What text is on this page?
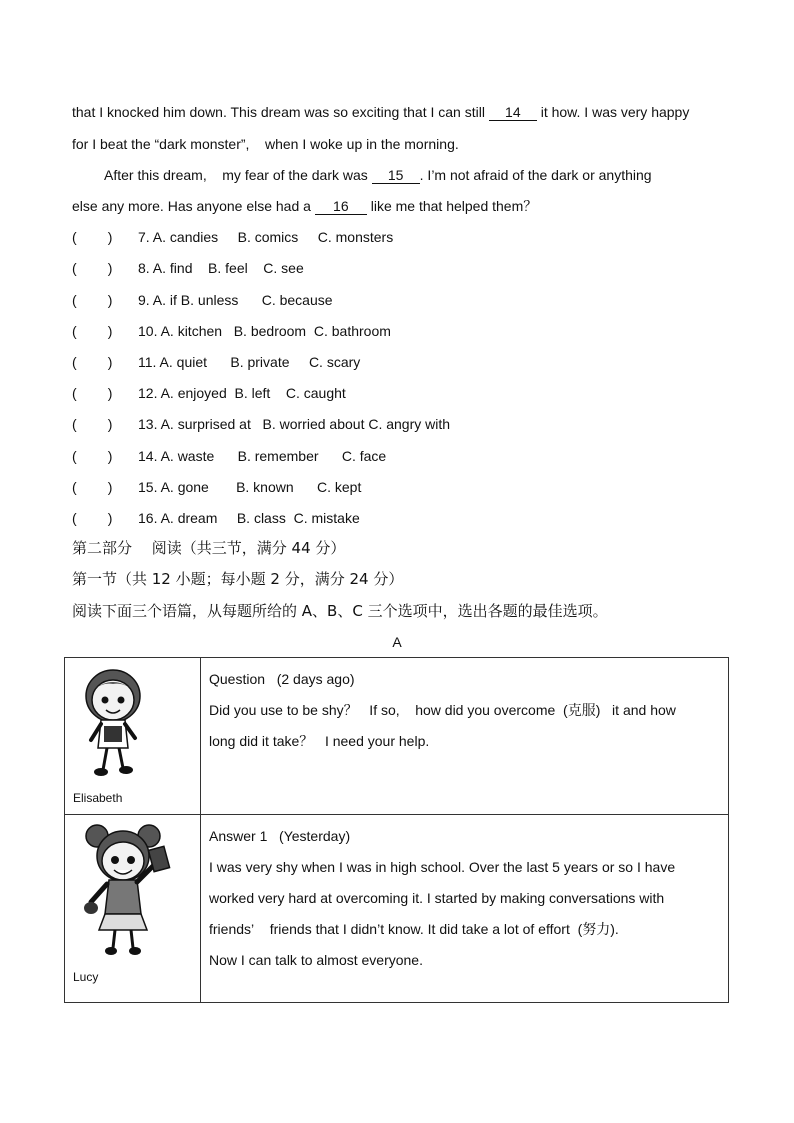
that I knocked him down. This dream was so exciting that I can still 14 it how. I was very happy
for I beat the “dark monster”,    when I woke up in the morning.
After this dream,    my fear of the dark was 15 . I’m not afraid of the dark or anything
else any more. Has anyone else had a 16 like me that helped them？
(        ) 7. A. candies     B. comics     C. monsters
(        ) 8. A. find    B. feel    C. see
(        ) 9. A. if B. unless      C. because
(        ) 10. A. kitchen   B. bedroom  C. bathroom
(        ) 11. A. quiet      B. private     C. scary
(        ) 12. A. enjoyed  B. left    C. caught
(        ) 13. A. surprised at   B. worried about C. angry with
(        ) 14. A. waste      B. remember      C. face
(        ) 15. A. gone       B. known      C. kept
(        ) 16. A. dream     B. class  C. mistake
第二部分　 阅读（共三节，满分 44 分）
第一节（共 12 小题；每小题 2 分，满分 24 分）
阅读下面三个语篇，从每题所给的 A、B、C 三个选项中，选出各题的最佳选项。
A
Elisabeth	Question   (2 days ago)

Did you use to be shy？   If so,    how did you overcome  (克服)   it and how

long did it take？   I need your help.

Lucy	Answer 1   (Yesterday)

I was very shy when I was in high school. Over the last 5 years or so I have

worked very hard at overcoming it. I started by making conversations with

friends’    friends that I didn’t know. It did take a lot of effort  (努力).

Now I can talk to almost everyone.
